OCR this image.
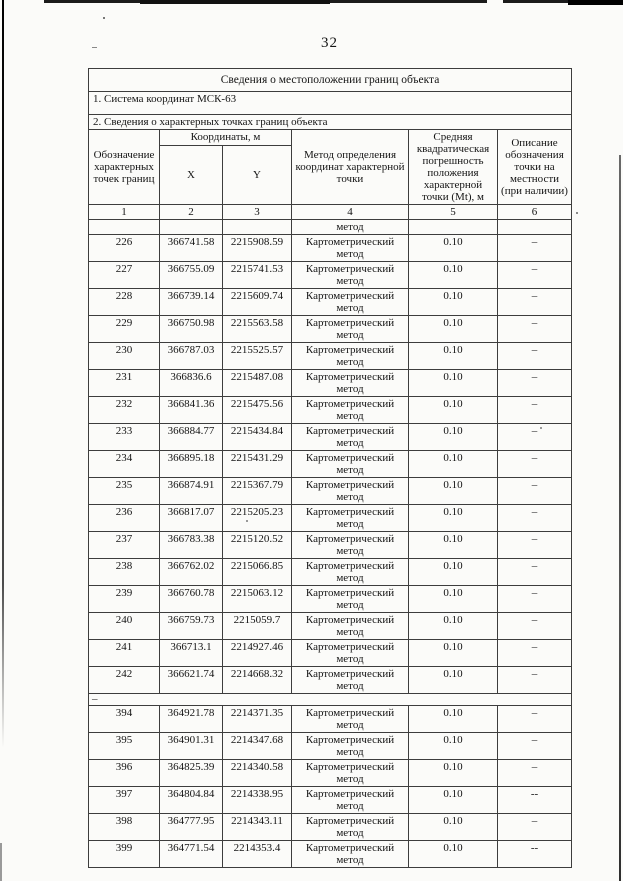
32
Сведения о местоположении границ объекта					
1. Система координат МСК-63					
2. Сведения о характерных точках границ объекта					
Обозначение характерных точек границ	Координаты, м		Метод определения координат характерной точки	Средняя квадратическая погрешность положения характерной точки (Мt), м	Описание обозначения точки на местности (при наличии)
	X	Y			
1	2	3	4	5	6
			метод		
226	366741.58	2215908.59	Картометрический метод	0.10	–
227	366755.09	2215741.53	Картометрический метод	0.10	–
228	366739.14	2215609.74	Картометрический метод	0.10	–
229	366750.98	2215563.58	Картометрический метод	0.10	–
230	366787.03	2215525.57	Картометрический метод	0.10	–
231	366836.6	2215487.08	Картометрический метод	0.10	–
232	366841.36	2215475.56	Картометрический метод	0.10	–
233	366884.77	2215434.84	Картометрический метод	0.10	–
234	366895.18	2215431.29	Картометрический метод	0.10	–
235	366874.91	2215367.79	Картометрический метод	0.10	–
236	366817.07	2215205.23	Картометрический метод	0.10	–
237	366783.38	2215120.52	Картометрический метод	0.10	–
238	366762.02	2215066.85	Картометрический метод	0.10	–
239	366760.78	2215063.12	Картометрический метод	0.10	–
240	366759.73	2215059.7	Картометрический метод	0.10	–
241	366713.1	2214927.46	Картометрический метод	0.10	–
242	366621.74	2214668.32	Картометрический метод	0.10	–
–					
394	364921.78	2214371.35	Картометрический метод	0.10	–
395	364901.31	2214347.68	Картометрический метод	0.10	–
396	364825.39	2214340.58	Картометрический метод	0.10	–
397	364804.84	2214338.95	Картометрический метод	0.10	--
398	364777.95	2214343.11	Картометрический метод	0.10	–
399	364771.54	2214353.4	Картометрический метод	0.10	--
